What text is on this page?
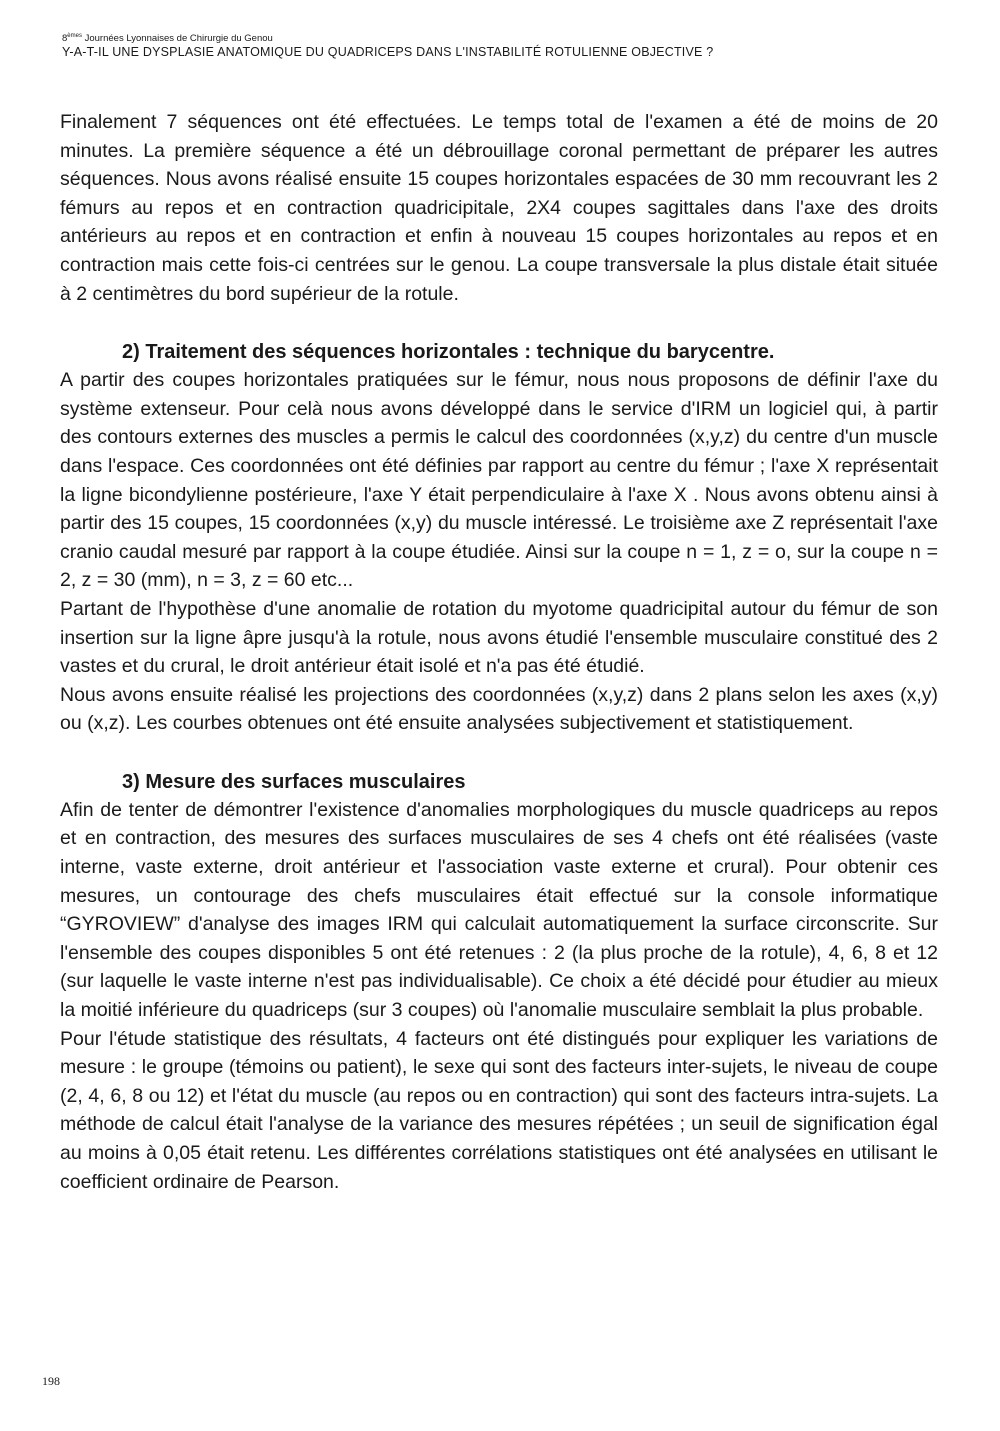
8èmes Journées Lyonnaises de Chirurgie du Genou
Y-A-T-IL UNE DYSPLASIE ANATOMIQUE DU QUADRICEPS DANS L'INSTABILITÉ ROTULIENNE OBJECTIVE ?

Finalement 7 séquences ont été effectuées. Le temps total de l'examen a été de moins de 20 minutes. La première séquence a été un débrouillage coronal permettant de préparer les autres séquences. Nous avons réalisé ensuite 15 coupes horizontales espacées de 30 mm recouvrant les 2 fémurs au repos et en contraction quadricipitale, 2X4 coupes sagittales dans l'axe des droits antérieurs au repos et en contraction et enfin à nouveau 15 coupes horizontales au repos et en contraction mais cette fois-ci centrées sur le genou. La coupe transversale la plus distale était située à 2 centimètres du bord supérieur de la rotule.

2) Traitement des séquences horizontales : technique du barycentre.

A partir des coupes horizontales pratiquées sur le fémur, nous nous proposons de définir l'axe du système extenseur. Pour celà nous avons développé dans le service d'IRM un logiciel qui, à partir des contours externes des muscles a permis le calcul des coordonnées (x,y,z) du centre d'un muscle dans l'espace. Ces coordonnées ont été définies par rapport au centre du fémur ; l'axe X représentait la ligne bicondylienne postérieure, l'axe Y était perpendiculaire à l'axe X . Nous avons obtenu ainsi à partir des 15 coupes, 15 coordonnées (x,y) du muscle intéressé. Le troisième axe Z représentait l'axe cranio caudal mesuré par rapport à la coupe étudiée. Ainsi sur la coupe n = 1, z = o, sur la coupe n = 2, z = 30 (mm), n = 3, z = 60 etc...

Partant de l'hypothèse d'une anomalie de rotation du myotome quadricipital autour du fémur de son insertion sur la ligne âpre jusqu'à la rotule, nous avons étudié l'ensemble musculaire constitué des 2 vastes et du crural, le droit antérieur était isolé et n'a pas été étudié.

Nous avons ensuite réalisé les projections des coordonnées (x,y,z) dans 2 plans selon les axes (x,y) ou (x,z). Les courbes obtenues ont été ensuite analysées subjectivement et statistiquement.

3) Mesure des surfaces musculaires

Afin de tenter de démontrer l'existence d'anomalies morphologiques du muscle quadriceps au repos et en contraction, des mesures des surfaces musculaires de ses 4 chefs ont été réalisées (vaste interne, vaste externe, droit antérieur et l'association vaste externe et crural). Pour obtenir ces mesures, un contourage des chefs musculaires était effectué sur la console informatique “GYROVIEW” d'analyse des images IRM qui calculait automatiquement la surface circonscrite. Sur l'ensemble des coupes disponibles 5 ont été retenues : 2 (la plus proche de la rotule), 4, 6, 8 et 12 (sur laquelle le vaste interne n'est pas individualisable). Ce choix a été décidé pour étudier au mieux la moitié inférieure du quadriceps (sur 3 coupes) où l'anomalie musculaire semblait la plus probable.

Pour l'étude statistique des résultats, 4 facteurs ont été distingués pour expliquer les variations de mesure : le groupe (témoins ou patient), le sexe qui sont des facteurs inter-sujets, le niveau de coupe (2, 4, 6, 8 ou 12) et l'état du muscle (au repos ou en contraction) qui sont des facteurs intra-sujets. La méthode de calcul était l'analyse de la variance des mesures répétées ; un seuil de signification égal au moins à 0,05 était retenu. Les différentes corrélations statistiques ont été analysées en utilisant le coefficient ordinaire de Pearson.

198
